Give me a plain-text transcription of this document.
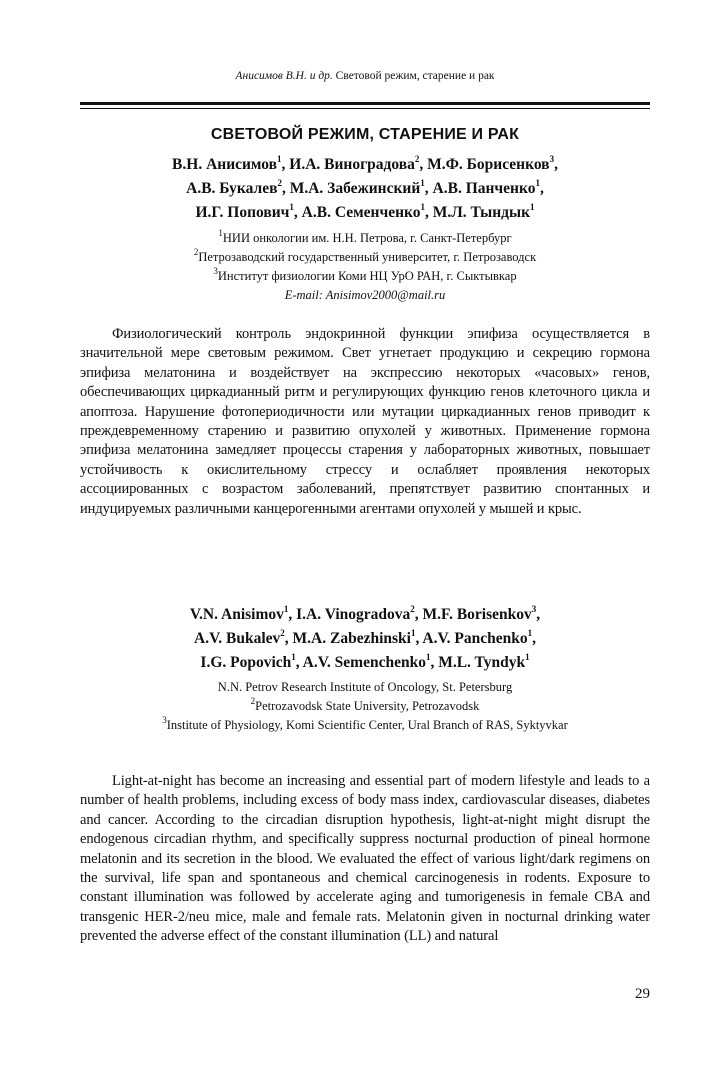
Анисимов В.Н. и др. Световой режим, старение и рак
СВЕТОВОЙ РЕЖИМ, СТАРЕНИЕ И РАК
В.Н. Анисимов$^1$, И.А. Виноградова$^2$, М.Ф. Борисенков$^3$,
А.В. Букалев$^2$, М.А. Забежинский$^1$, А.В. Панченко$^1$,
И.Г. Попович$^1$, А.В. Семенченко$^1$, М.Л. Тындык$^1$
$^1$НИИ онкологии им. Н.Н. Петрова, г. Санкт-Петербург
$^2$Петрозаводский государственный университет, г. Петрозаводск
$^3$Институт физиологии Коми НЦ УрО РАН, г. Сыктывкар
E-mail: Anisimov2000@mail.ru

Физиологический контроль эндокринной функции эпифиза осуществляется в значительной мере световым режимом. Свет угнетает продукцию и секрецию гормона эпифиза мелатонина и воздействует на экспрессию некоторых «часовых» генов, обеспечивающих циркадианный ритм и регулирующих функцию генов клеточного цикла и апоптоза. Нарушение фотопериодичности или мутации циркадианных генов приводит к преждевременному старению и развитию опухолей у животных. Применение гормона эпифиза мелатонина замедляет процессы старения у лабораторных животных, повышает устойчивость к окислительному стрессу и ослабляет проявления некоторых ассоциированных с возрастом заболеваний, препятствует развитию спонтанных и индуцируемых различными канцерогенными агентами опухолей у мышей и крыс.

V.N. Anisimov$^1$, I.A. Vinogradova$^2$, M.F. Borisenkov$^3$,
A.V. Bukalev$^2$, M.A. Zabezhinski$^1$, A.V. Panchenko$^1$,
I.G. Popovich$^1$, A.V. Semenchenko$^1$, M.L. Tyndyk$^1$
N.N. Petrov Research Institute of Oncology, St. Petersburg
$^2$Petrozavodsk State University, Petrozavodsk
$^3$Institute of Physiology, Komi Scientific Center, Ural Branch of RAS, Syktyvkar

Light-at-night has become an increasing and essential part of modern lifestyle and leads to a number of health problems, including excess of body mass index, cardiovascular diseases, diabetes and cancer. According to the circadian disruption hypothesis, light-at-night might disrupt the endogenous circadian rhythm, and specifically suppress nocturnal production of pineal hormone melatonin and its secretion in the blood. We evaluated the effect of various light/dark regimens on the survival, life span and spontaneous and chemical carcinogenesis in rodents. Exposure to constant illumination was followed by accelerate aging and tumorigenesis in female CBA and transgenic HER-2/neu mice, male and female rats. Melatonin given in nocturnal drinking water prevented the adverse effect of the constant illumination (LL) and natural

29
